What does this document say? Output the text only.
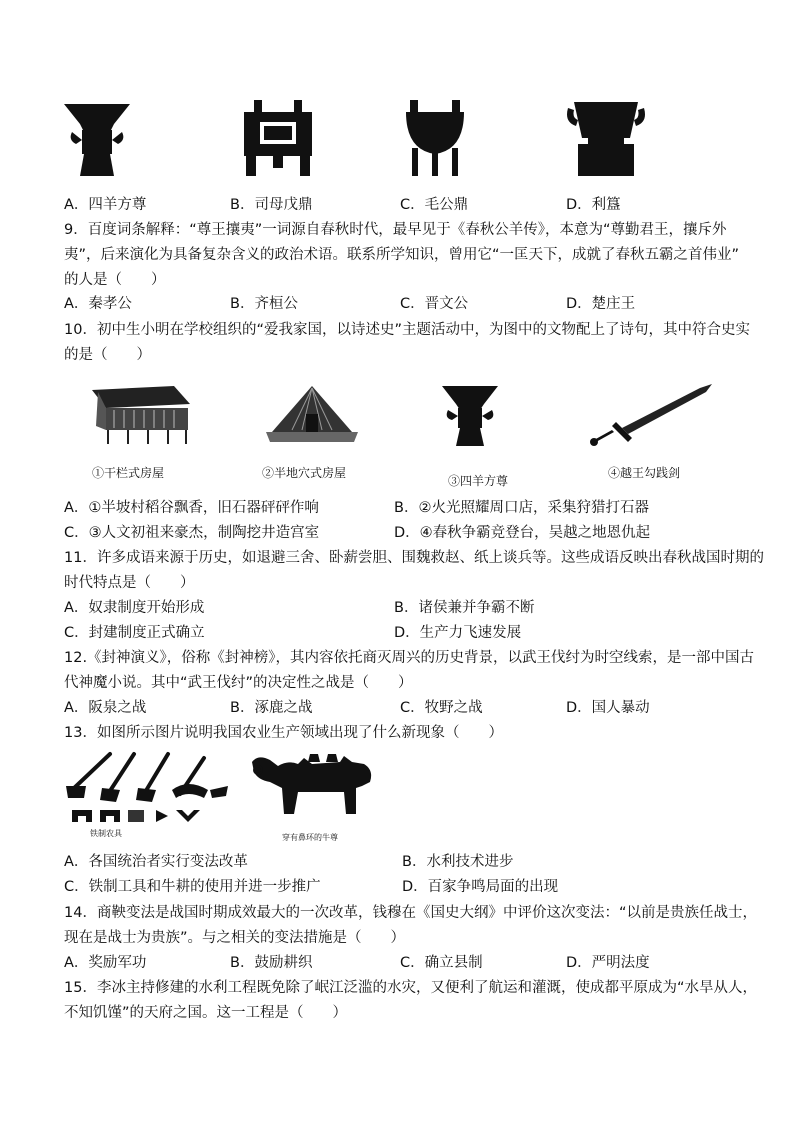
A．四羊方尊	B．司母戊鼎	C．毛公鼎	D．利簋
9．百度词条解释：“尊王攘夷”一词源自春秋时代，最早见于《春秋公羊传》，本意为“尊勤君王，攘斥外
夷”，后来演化为具备复杂含义的政治术语。联系所学知识，曾用它“一匡天下，成就了春秋五霸之首伟业”
的人是（　　）
A．秦孝公	B．齐桓公	C．晋文公	D．楚庄王
10．初中生小明在学校组织的“爱我家国，以诗述史”主题活动中，为图中的文物配上了诗句，其中符合史实
的是（　　）
①干栏式房屋	②半地穴式房屋
③四羊方尊
④越王勾践剑
A．①半坡村稻谷飘香，旧石器砰砰作响	B．②火光照耀周口店，采集狩猎打石器
C．③人文初祖来豪杰，制陶挖井造宫室	D．④春秋争霸竞登台，吴越之地恩仇起
11．许多成语来源于历史，如退避三舍、卧薪尝胆、围魏救赵、纸上谈兵等。这些成语反映出春秋战国时期的
时代特点是（　　）
A．奴隶制度开始形成	B．诸侯兼并争霸不断
C．封建制度正式确立	D．生产力飞速发展
12.《封神演义》，俗称《封神榜》，其内容依托商灭周兴的历史背景，以武王伐纣为时空线索，是一部中国古
代神魔小说。其中“武王伐纣”的决定性之战是（　　）
A．阪泉之战	B．涿鹿之战	C．牧野之战	D．国人暴动
13．如图所示图片说明我国农业生产领域出现了什么新现象（　　）
铁制农具	穿有鼻环的牛尊
A．各国统治者实行变法改革	B．水利技术进步
C．铁制工具和牛耕的使用并进一步推广	D．百家争鸣局面的出现
14．商鞅变法是战国时期成效最大的一次改革，钱穆在《国史大纲》中评价这次变法：“以前是贵族任战士，
现在是战士为贵族”。与之相关的变法措施是（　　）
A．奖励军功	B．鼓励耕织	C．确立县制	D．严明法度
15．李冰主持修建的水利工程既免除了岷江泛滥的水灾，又便利了航运和灌溉，使成都平原成为“水旱从人，
不知饥馑”的天府之国。这一工程是（　　）
